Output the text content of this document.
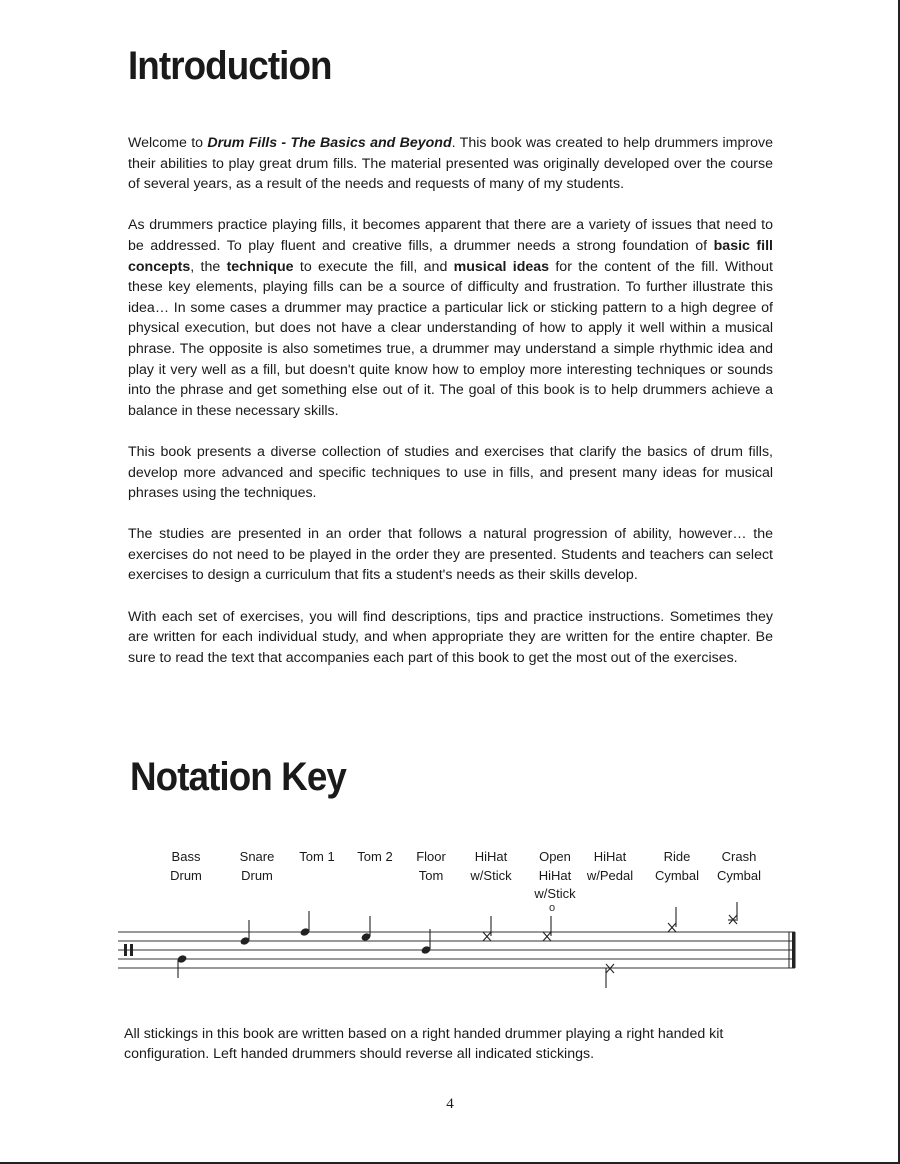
Introduction

Welcome to Drum Fills - The Basics and Beyond. This book was created to help drummers improve their abilities to play great drum fills. The material presented was originally developed over the course of several years, as a result of the needs and requests of many of my students.

As drummers practice playing fills, it becomes apparent that there are a variety of issues that need to be addressed. To play fluent and creative fills, a drummer needs a strong foundation of basic fill concepts, the technique to execute the fill, and musical ideas for the content of the fill. Without these key elements, playing fills can be a source of difficulty and frustration. To further illustrate this idea… In some cases a drummer may practice a particular lick or sticking pattern to a high degree of physical execution, but does not have a clear understanding of how to apply it well within a musical phrase. The opposite is also sometimes true, a drummer may understand a simple rhythmic idea and play it very well as a fill, but doesn't quite know how to employ more interesting techniques or sounds into the phrase and get something else out of it. The goal of this book is to help drummers achieve a balance in these necessary skills.

This book presents a diverse collection of studies and exercises that clarify the basics of drum fills, develop more advanced and specific techniques to use in fills, and present many ideas for musical phrases using the techniques.

The studies are presented in an order that follows a natural progression of ability, however… the exercises do not need to be played in the order they are presented. Students and teachers can select exercises to design a curriculum that fits a student's needs as their skills develop.

With each set of exercises, you will find descriptions, tips and practice instructions. Sometimes they are written for each individual study, and when appropriate they are written for the entire chapter. Be sure to read the text that accompanies each part of this book to get the most out of the exercises.

Notation Key
Bass
Drum
Snare
Drum
Tom 1 Tom 2 Floor
Tom
HiHat
w/Stick
Open
HiHat
w/Stick
HiHat
w/Pedal
Ride
Cymbal
Crash
Cymbal
o
All stickings in this book are written based on a right handed drummer playing a right handed kit configuration. Left handed drummers should reverse all indicated stickings.
4
